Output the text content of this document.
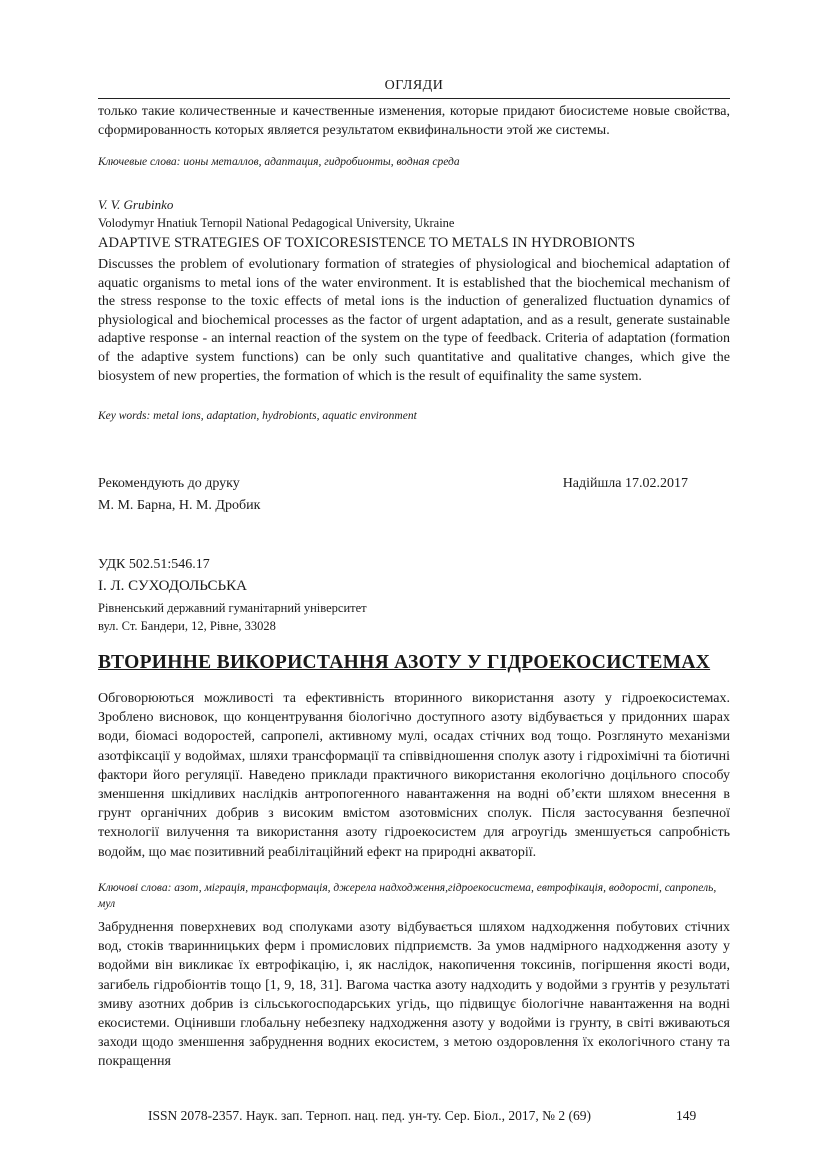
ОГЛЯДИ
только такие количественные и качественные изменения, которые придают биосистеме новые свойства, сформированность которых является результатом еквифинальности этой же системы.
Ключевые слова: ионы металлов, адаптация, гидробионты, водная среда
V. V. Grubinko
Volodymyr Hnatiuk Ternopil National Pedagogical University, Ukraine
ADAPTIVE STRATEGIES OF TOXICORESISTENCE TO METALS IN HYDROBIONTS
Discusses the problem of evolutionary formation of strategies of physiological and biochemical adaptation of aquatic organisms to metal ions of the water environment. It is established that the biochemical mechanism of the stress response to the toxic effects of metal ions is the induction of generalized fluctuation dynamics of physiological and biochemical processes as the factor of urgent adaptation, and as a result, generate sustainable adaptive response - an internal reaction of the system on the type of feedback. Criteria of adaptation (formation of the adaptive system functions) can be only such quantitative and qualitative changes, which give the biosystem of new properties, the formation of which is the result of equifinality the same system.
Key words: metal ions, adaptation, hydrobionts, aquatic environment
Рекомендують до друку	Надійшла 17.02.2017
М. М. Барна, Н. М. Дробик
УДК 502.51:546.17
І. Л. СУХОДОЛЬСЬКА
Рівненський державний гуманітарний університет
вул. Ст. Бандери, 12, Рівне, 33028
ВТОРИННЕ ВИКОРИСТАННЯ АЗОТУ У ГІДРОЕКОСИСТЕМАХ
Обговорюються можливості та ефективність вторинного використання азоту у гідроекосистемах. Зроблено висновок, що концентрування біологічно доступного азоту відбувається у придонних шарах води, біомасі водоростей, сапропелі, активному мулі, осадах стічних вод тощо. Розглянуто механізми азотфіксації у водоймах, шляхи трансформації та співвідношення сполук азоту і гідрохімічні та біотичні фактори його регуляції. Наведено приклади практичного використання екологічно доцільного способу зменшення шкідливих наслідків антропогенного навантаження на водні об’єкти шляхом внесення в грунт органічних добрив з високим вмістом азотовмісних сполук. Після застосування безпечної технології вилучення та використання азоту гідроекосистем для агроугідь зменшується сапробність водойм, що має позитивний реабілітаційний ефект на природні акваторії.
Ключові слова: азот, міграція, трансформація, джерела надходження,гідроекосистема, евтрофікація, водорості, сапропель, мул
Забруднення поверхневих вод сполуками азоту відбувається шляхом надходження побутових стічних вод, стоків тваринницьких ферм і промислових підприємств. За умов надмірного надходження азоту у водойми він викликає їх евтрофікацію, і, як наслідок, накопичення токсинів, погіршення якості води, загибель гідробіонтів тощо [1, 9, 18, 31]. Вагома частка азоту надходить у водойми з грунтів у результаті змиву азотних добрив із сільськогосподарських угідь, що підвищує біологічне навантаження на водні екосистеми. Оцінивши глобальну небезпеку надходження азоту у водойми із грунту, в світі вживаються заходи щодо зменшення забруднення водних екосистем, з метою оздоровлення їх екологічного стану та покращення
ISSN 2078-2357. Наук. зап. Терноп. нац. пед. ун-ту. Сер. Біол., 2017, № 2 (69)	149
